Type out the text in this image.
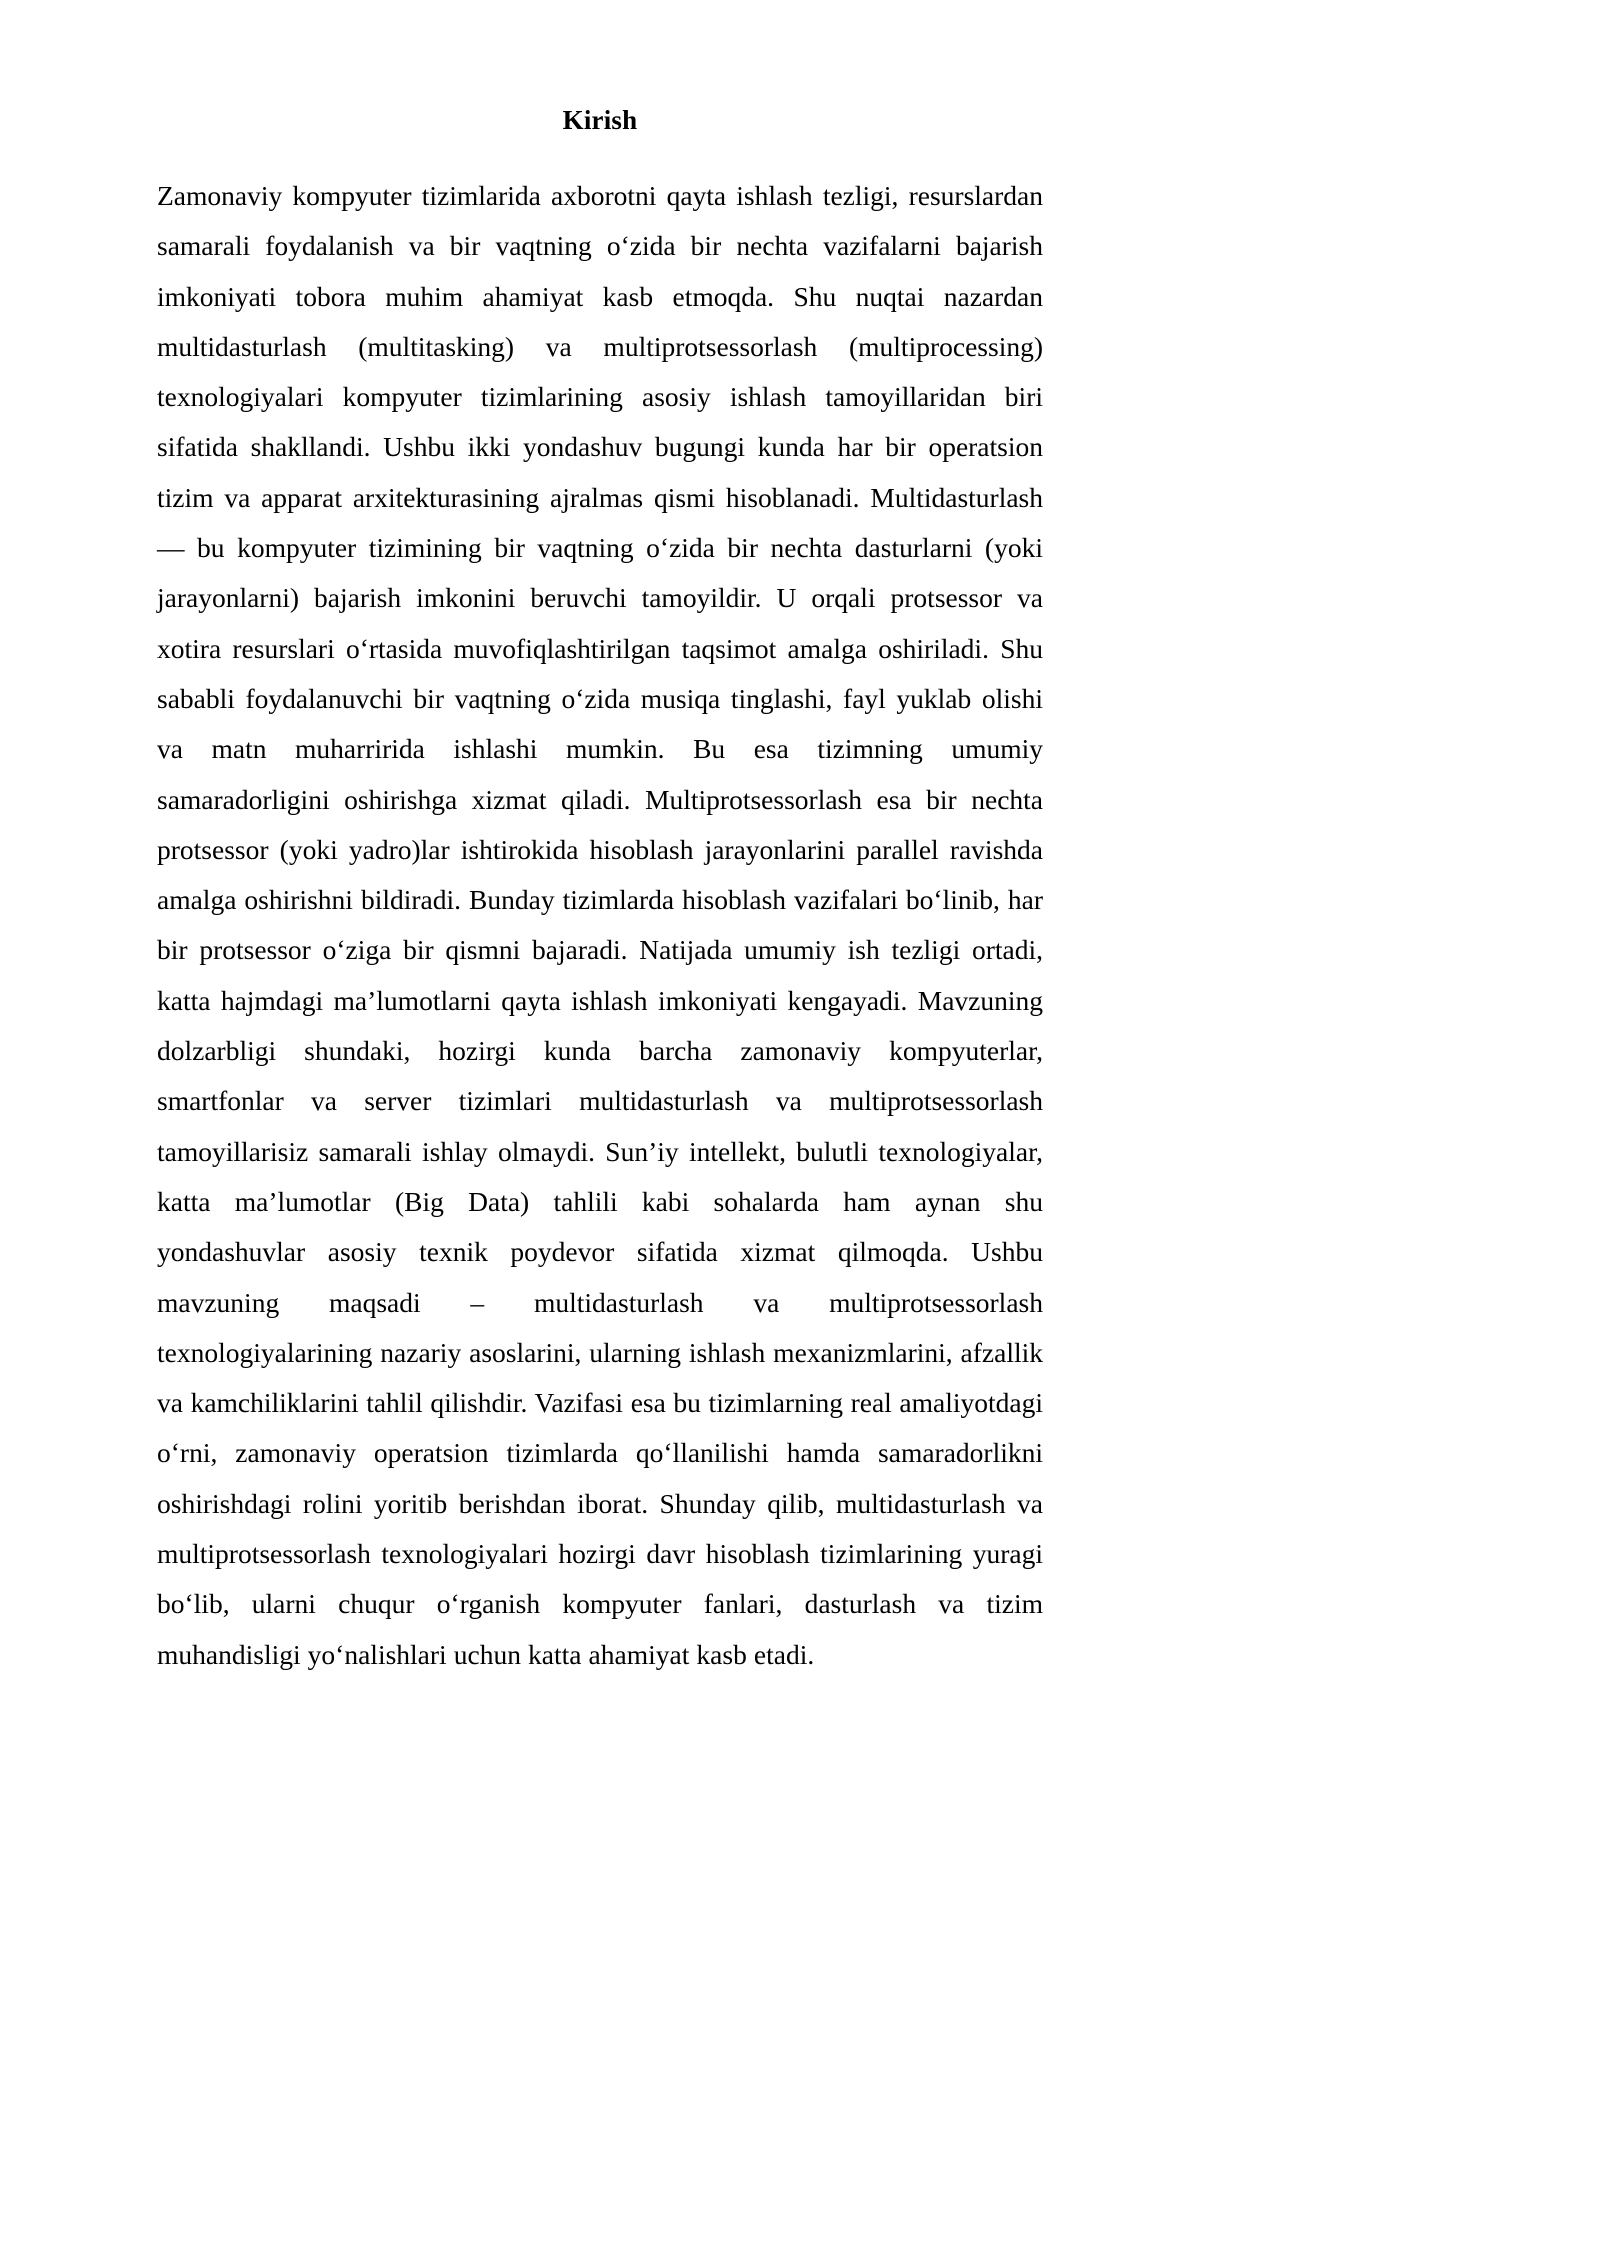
Kirish

Zamonaviy kompyuter tizimlarida axborotni qayta ishlash tezligi, resurslardan samarali foydalanish va bir vaqtning o‘zida bir nechta vazifalarni bajarish imkoniyati tobora muhim ahamiyat kasb etmoqda. Shu nuqtai nazardan multidasturlash (multitasking) va multiprotsessorlash (multiprocessing) texnologiyalari kompyuter tizimlarining asosiy ishlash tamoyillaridan biri sifatida shakllandi. Ushbu ikki yondashuv bugungi kunda har bir operatsion tizim va apparat arxitekturasining ajralmas qismi hisoblanadi. Multidasturlash — bu kompyuter tizimining bir vaqtning o‘zida bir nechta dasturlarni (yoki jarayonlarni) bajarish imkonini beruvchi tamoyildir. U orqali protsessor va xotira resurslari o‘rtasida muvofiqlashtirilgan taqsimot amalga oshiriladi. Shu sababli foydalanuvchi bir vaqtning o‘zida musiqa tinglashi, fayl yuklab olishi va matn muharririda ishlashi mumkin. Bu esa tizimning umumiy samaradorligini oshirishga xizmat qiladi. Multiprotsessorlash esa bir nechta protsessor (yoki yadro)lar ishtirokida hisoblash jarayonlarini parallel ravishda amalga oshirishni bildiradi. Bunday tizimlarda hisoblash vazifalari bo‘linib, har bir protsessor o‘ziga bir qismni bajaradi. Natijada umumiy ish tezligi ortadi, katta hajmdagi ma’lumotlarni qayta ishlash imkoniyati kengayadi. Mavzuning dolzarbligi shundaki, hozirgi kunda barcha zamonaviy kompyuterlar, smartfonlar va server tizimlari multidasturlash va multiprotsessorlash tamoyillarisiz samarali ishlay olmaydi. Sun’iy intellekt, bulutli texnologiyalar, katta ma’lumotlar (Big Data) tahlili kabi sohalarda ham aynan shu yondashuvlar asosiy texnik poydevor sifatida xizmat qilmoqda. Ushbu mavzuning maqsadi – multidasturlash va multiprotsessorlash texnologiyalarining nazariy asoslarini, ularning ishlash mexanizmlarini, afzallik va kamchiliklarini tahlil qilishdir. Vazifasi esa bu tizimlarning real amaliyotdagi o‘rni, zamonaviy operatsion tizimlarda qo‘llanilishi hamda samaradorlikni oshirishdagi rolini yoritib berishdan iborat. Shunday qilib, multidasturlash va multiprotsessorlash texnologiyalari hozirgi davr hisoblash tizimlarining yuragi bo‘lib, ularni chuqur o‘rganish kompyuter fanlari, dasturlash va tizim muhandisligi yo‘nalishlari uchun katta ahamiyat kasb etadi.
